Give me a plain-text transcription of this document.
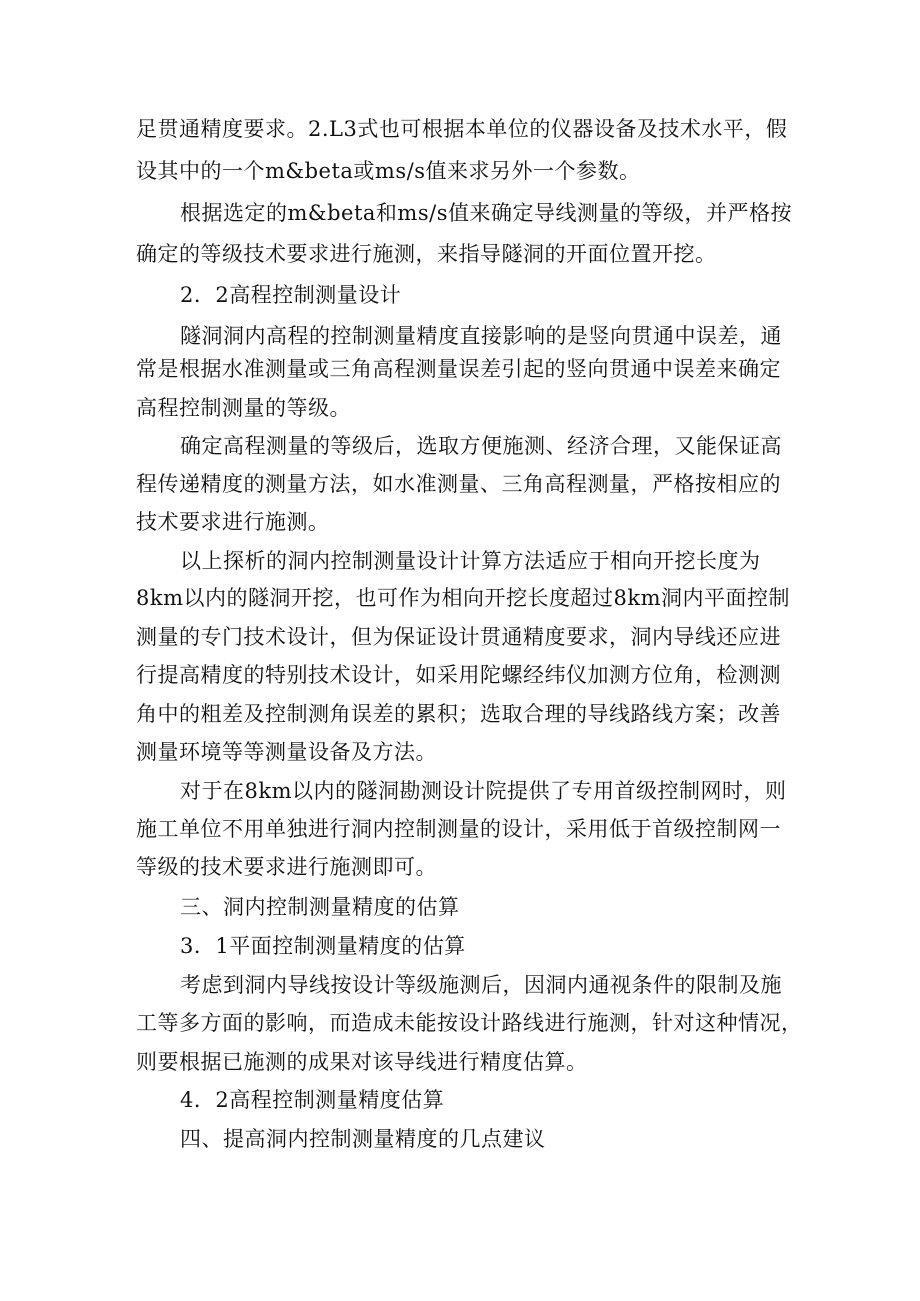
足贯通精度要求。2.L3式也可根据本单位的仪器设备及技术水平，假
设其中的一个m&beta或ms/s值来求另外一个参数。
根据选定的m&beta和ms/s值来确定导线测量的等级，并严格按
确定的等级技术要求进行施测，来指导隧洞的开面位置开挖。
2．2高程控制测量设计
隧洞洞内高程的控制测量精度直接影响的是竖向贯通中误差，通
常是根据水准测量或三角高程测量误差引起的竖向贯通中误差来确定
高程控制测量的等级。
确定高程测量的等级后，选取方便施测、经济合理，又能保证高
程传递精度的测量方法，如水准测量、三角高程测量，严格按相应的
技术要求进行施测。
以上探析的洞内控制测量设计计算方法适应于相向开挖长度为
8km以内的隧洞开挖，也可作为相向开挖长度超过8km洞内平面控制
测量的专门技术设计，但为保证设计贯通精度要求，洞内导线还应进
行提高精度的特别技术设计，如采用陀螺经纬仪加测方位角，检测测
角中的粗差及控制测角误差的累积；选取合理的导线路线方案；改善
测量环境等等测量设备及方法。
对于在8km以内的隧洞勘测设计院提供了专用首级控制网时，则
施工单位不用单独进行洞内控制测量的设计，采用低于首级控制网一
等级的技术要求进行施测即可。
三、洞内控制测量精度的估算
3．1平面控制测量精度的估算
考虑到洞内导线按设计等级施测后，因洞内通视条件的限制及施
工等多方面的影响，而造成未能按设计路线进行施测，针对这种情况，
则要根据已施测的成果对该导线进行精度估算。
4．2高程控制测量精度估算
四、提高洞内控制测量精度的几点建议
